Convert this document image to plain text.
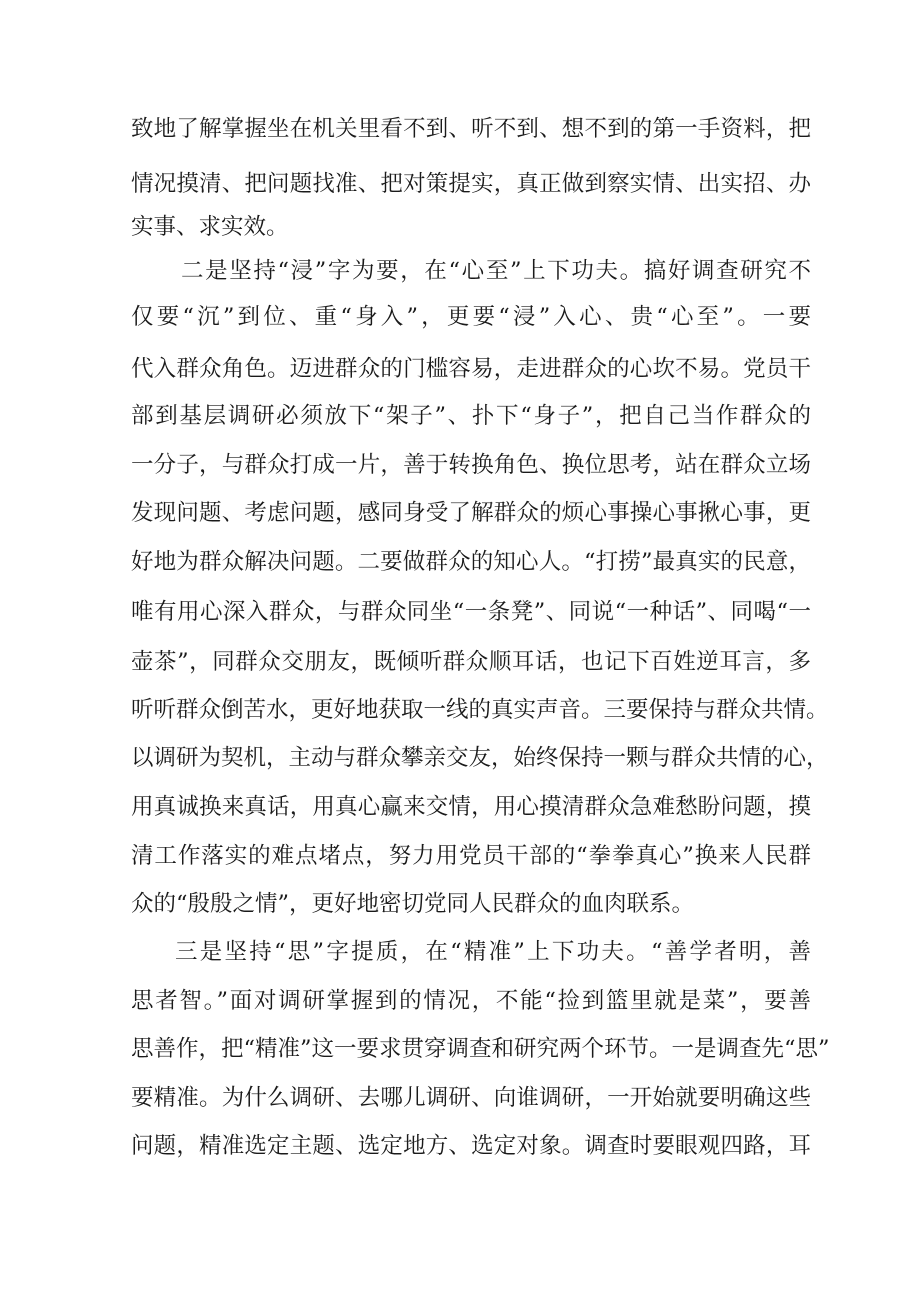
致地了解掌握坐在机关里看不到、听不到、想不到的第一手资料，把
情况摸清、把问题找准、把对策提实，真正做到察实情、出实招、办
实事、求实效。
二是坚持“浸”字为要，在“心至”上下功夫。搞好调查研究不
仅要“沉”到位、重“身入”，更要“浸”入心、贵“心至”。一要
代入群众角色。迈进群众的门槛容易，走进群众的心坎不易。党员干
部到基层调研必须放下“架子”、扑下“身子”，把自己当作群众的
一分子，与群众打成一片，善于转换角色、换位思考，站在群众立场
发现问题、考虑问题，感同身受了解群众的烦心事操心事揪心事，更
好地为群众解决问题。二要做群众的知心人。“打捞”最真实的民意，
唯有用心深入群众，与群众同坐“一条凳”、同说“一种话”、同喝“一
壶茶”，同群众交朋友，既倾听群众顺耳话，也记下百姓逆耳言，多
听听群众倒苦水，更好地获取一线的真实声音。三要保持与群众共情。
以调研为契机，主动与群众攀亲交友，始终保持一颗与群众共情的心，
用真诚换来真话，用真心赢来交情，用心摸清群众急难愁盼问题，摸
清工作落实的难点堵点，努力用党员干部的“拳拳真心”换来人民群
众的“殷殷之情”，更好地密切党同人民群众的血肉联系。
三是坚持“思”字提质，在“精准”上下功夫。“善学者明，善
思者智。”面对调研掌握到的情况，不能“捡到篮里就是菜”，要善
思善作，把“精准”这一要求贯穿调查和研究两个环节。一是调查先“思”
要精准。为什么调研、去哪儿调研、向谁调研，一开始就要明确这些
问题，精准选定主题、选定地方、选定对象。调查时要眼观四路，耳
